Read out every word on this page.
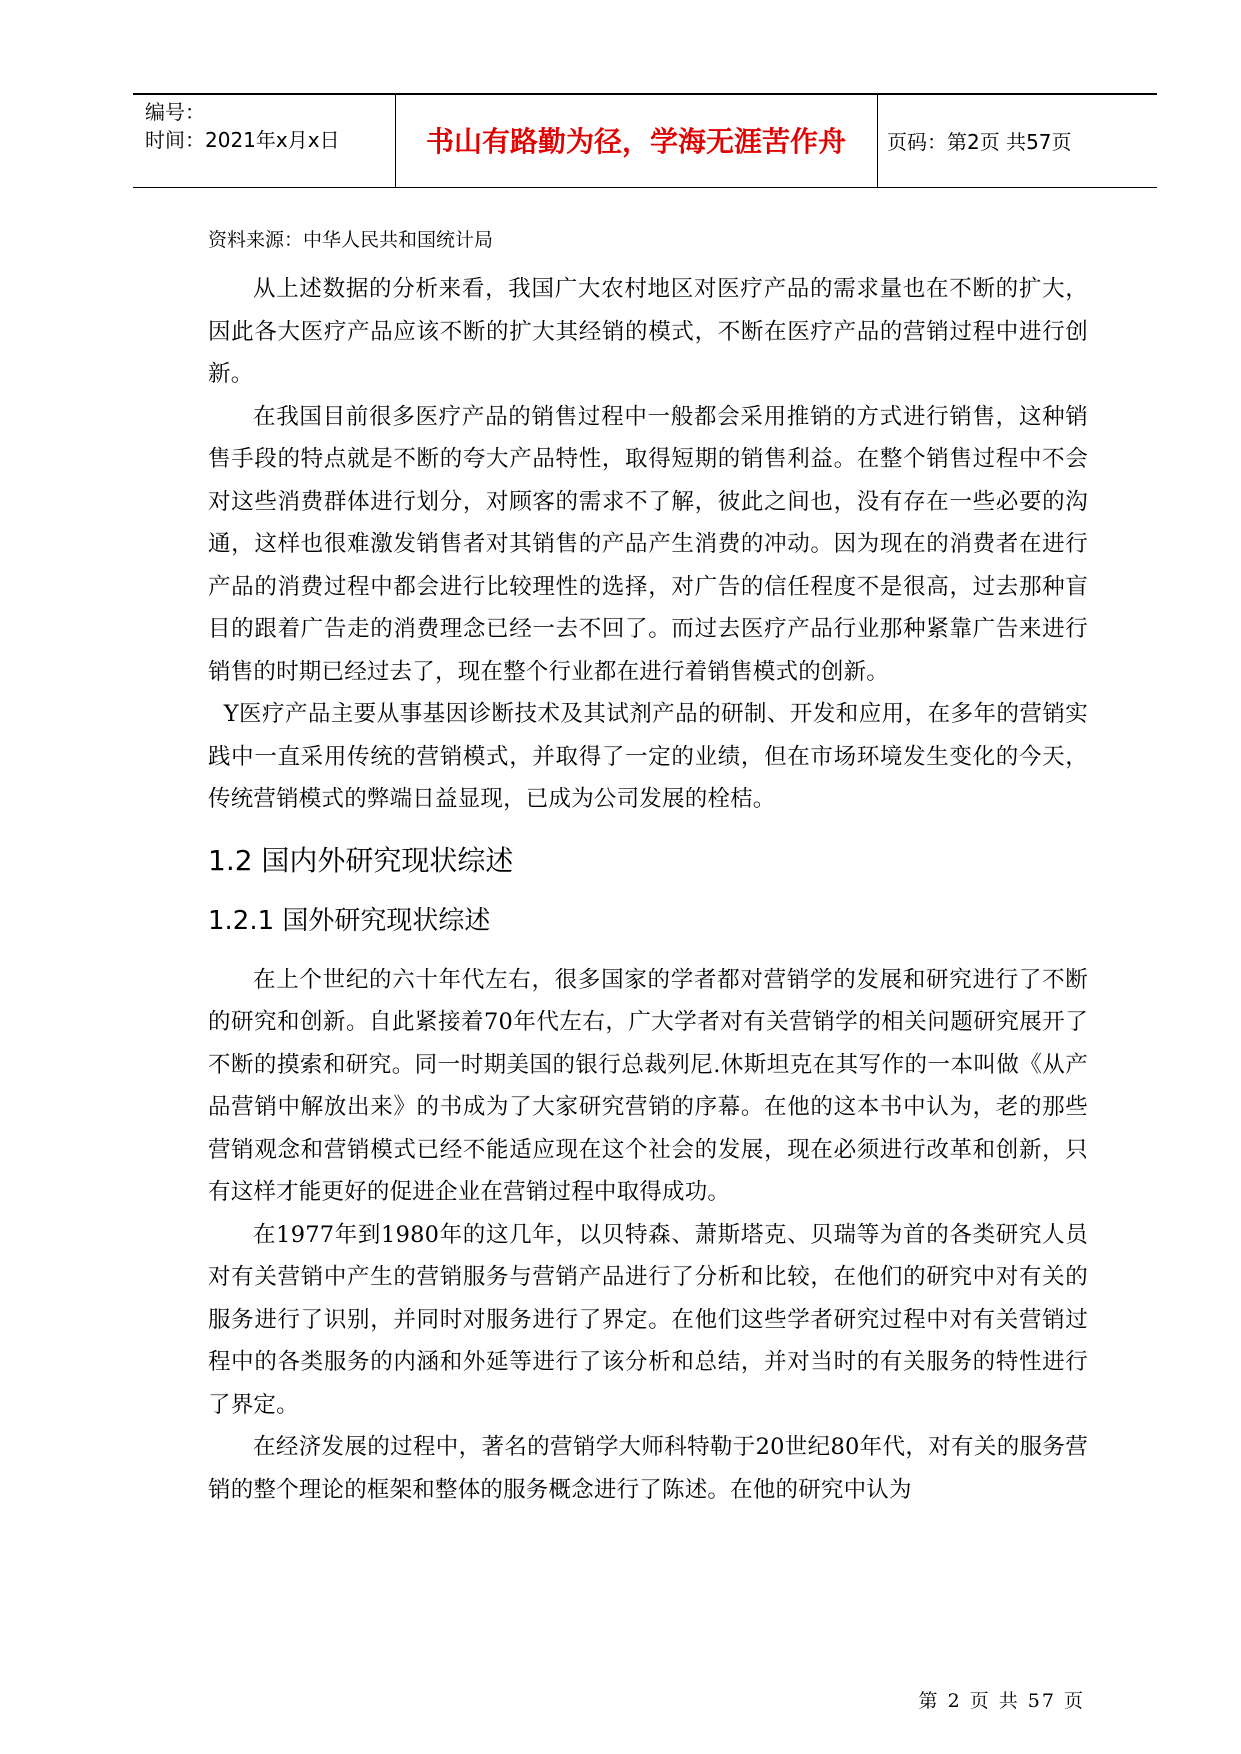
编号：
时间：2021年x月x日	书山有路勤为径，学海无涯苦作舟	页码：第2页 共57页

资料来源：中华人民共和国统计局

从上述数据的分析来看，我国广大农村地区对医疗产品的需求量也在不断的扩大，因此各大医疗产品应该不断的扩大其经销的模式，不断在医疗产品的营销过程中进行创新。

在我国目前很多医疗产品的销售过程中一般都会采用推销的方式进行销售，这种销售手段的特点就是不断的夸大产品特性，取得短期的销售利益。在整个销售过程中不会对这些消费群体进行划分，对顾客的需求不了解，彼此之间也，没有存在一些必要的沟通，这样也很难激发销售者对其销售的产品产生消费的冲动。因为现在的消费者在进行产品的消费过程中都会进行比较理性的选择，对广告的信任程度不是很高，过去那种盲目的跟着广告走的消费理念已经一去不回了。而过去医疗产品行业那种紧靠广告来进行销售的时期已经过去了，现在整个行业都在进行着销售模式的创新。

Y医疗产品主要从事基因诊断技术及其试剂产品的研制、开发和应用，在多年的营销实践中一直采用传统的营销模式，并取得了一定的业绩，但在市场环境发生变化的今天，传统营销模式的弊端日益显现，已成为公司发展的栓桔。

1.2 国内外研究现状综述
1.2.1 国外研究现状综述

在上个世纪的六十年代左右，很多国家的学者都对营销学的发展和研究进行了不断的研究和创新。自此紧接着70年代左右，广大学者对有关营销学的相关问题研究展开了不断的摸索和研究。同一时期美国的银行总裁列尼.休斯坦克在其写作的一本叫做《从产品营销中解放出来》的书成为了大家研究营销的序幕。在他的这本书中认为，老的那些营销观念和营销模式已经不能适应现在这个社会的发展，现在必须进行改革和创新，只有这样才能更好的促进企业在营销过程中取得成功。

在1977年到1980年的这几年，以贝特森、萧斯塔克、贝瑞等为首的各类研究人员对有关营销中产生的营销服务与营销产品进行了分析和比较，在他们的研究中对有关的服务进行了识别，并同时对服务进行了界定。在他们这些学者研究过程中对有关营销过程中的各类服务的内涵和外延等进行了该分析和总结，并对当时的有关服务的特性进行了界定。

在经济发展的过程中，著名的营销学大师科特勒于20世纪80年代，对有关的服务营销的整个理论的框架和整体的服务概念进行了陈述。在他的研究中认为

第 2 页 共 57 页
